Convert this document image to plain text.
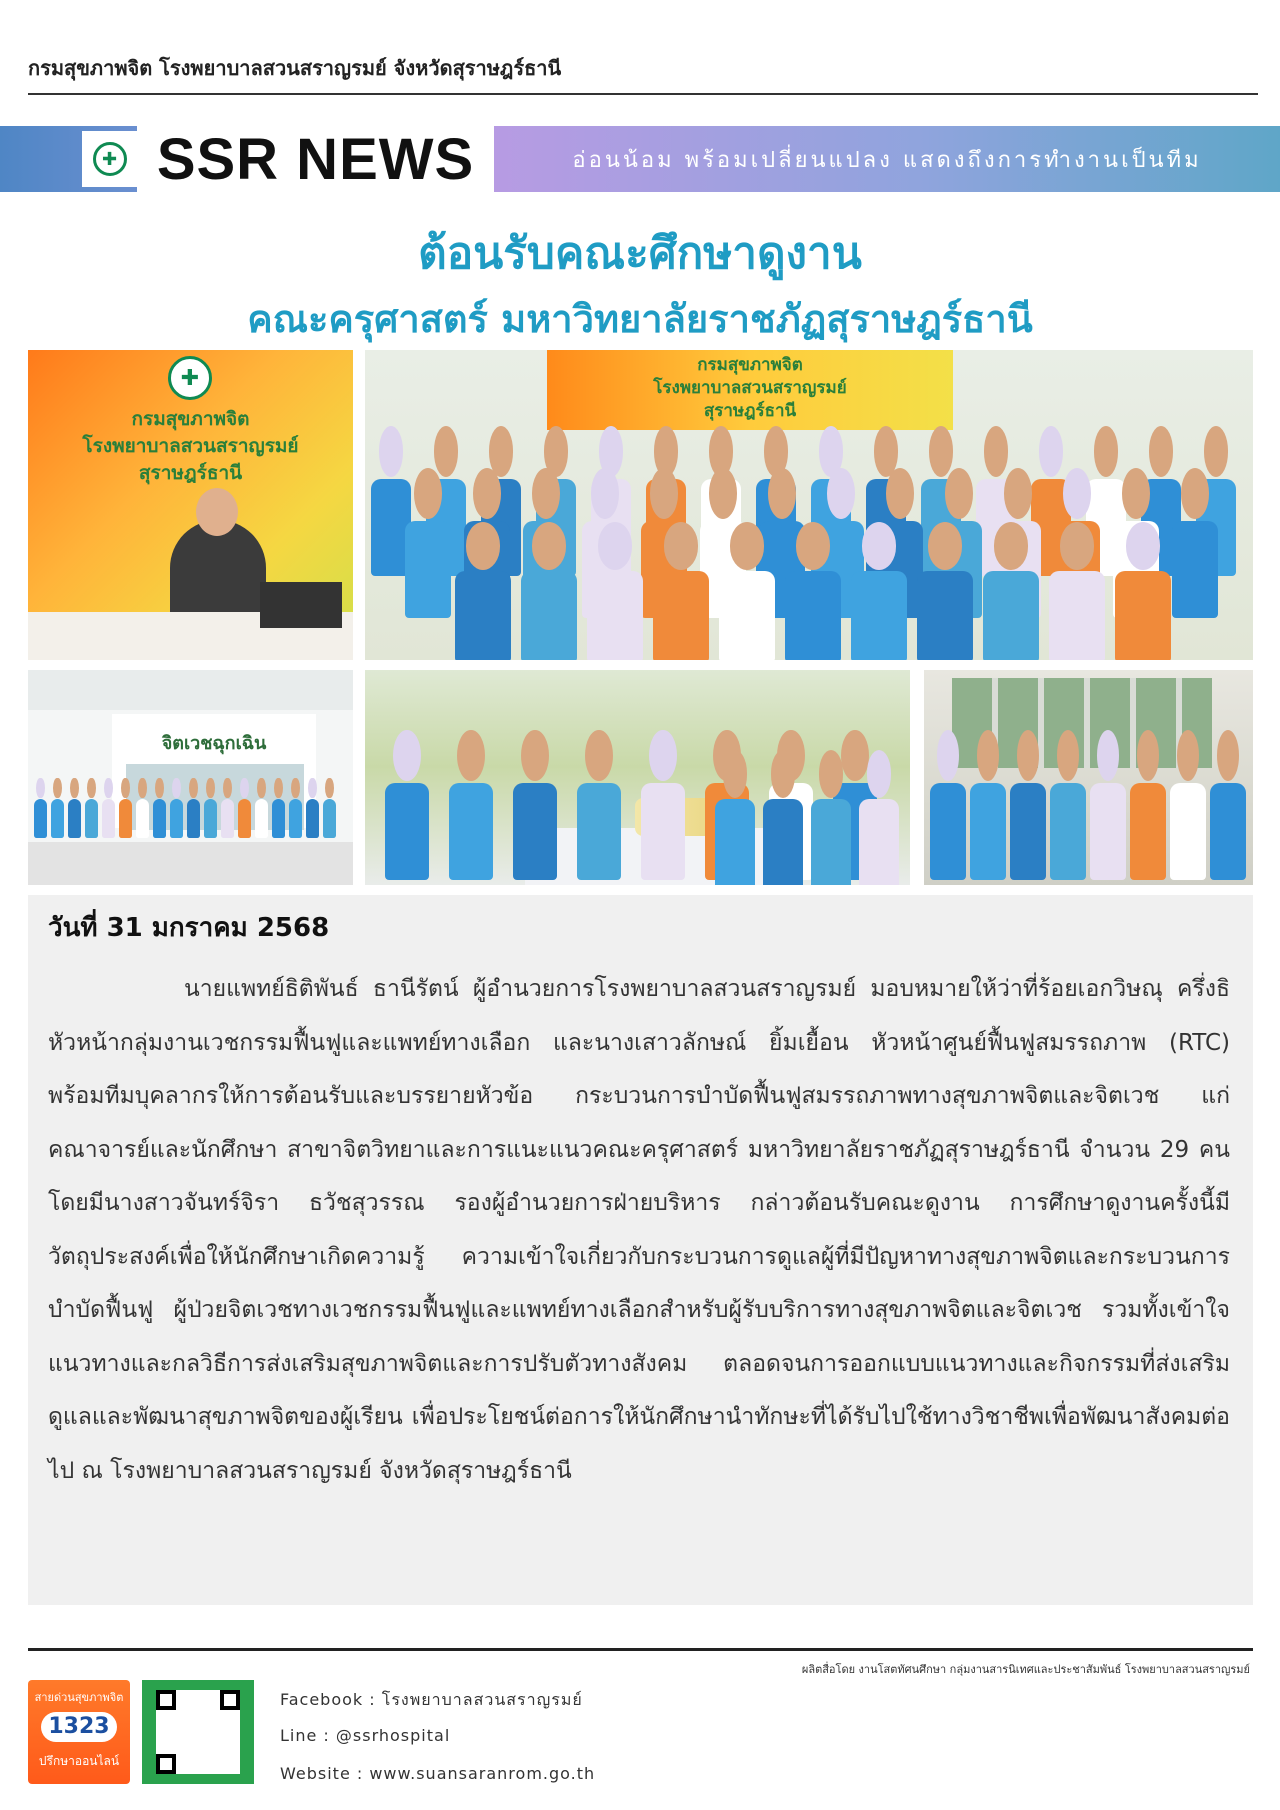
กรมสุขภาพจิต โรงพยาบาลสวนสราญรมย์ จังหวัดสุราษฎร์ธานี
✚ SSR NEWS	อ่อนน้อม พร้อมเปลี่ยนแปลง แสดงถึงการทำงานเป็นทีม
ต้อนรับคณะศึกษาดูงาน
คณะครุศาสตร์ มหาวิทยาลัยราชภัฏสุราษฎร์ธานี
✚
กรมสุขภาพจิต
โรงพยาบาลสวนสราญรมย์
สุราษฎร์ธานี
กรมสุขภาพจิต
โรงพยาบาลสวนสราญรมย์
สุราษฎร์ธานี
จิตเวชฉุกเฉิน
วันที่ 31 มกราคม 2568
นายแพทย์ธิติพันธ์ ธานีรัตน์ ผู้อำนวยการโรงพยาบาลสวนสราญรมย์ มอบหมายให้ว่าที่ร้อยเอกวิษณุ ครึ่งธิ หัวหน้ากลุ่มงานเวชกรรมฟื้นฟูและแพทย์ทางเลือก และนางเสาวลักษณ์ ยิ้มเยื้อน หัวหน้าศูนย์ฟื้นฟูสมรรถภาพ (RTC) พร้อมทีมบุคลากรให้การต้อนรับและบรรยายหัวข้อ กระบวนการบำบัดฟื้นฟูสมรรถภาพทางสุขภาพจิตและจิตเวช แก่คณาจารย์และนักศึกษา สาขาจิตวิทยาและการแนะแนวคณะครุศาสตร์ มหาวิทยาลัยราชภัฏสุราษฎร์ธานี จำนวน 29 คน โดยมีนางสาวจันทร์จิรา ธวัชสุวรรณ รองผู้อำนวยการฝ่ายบริหาร กล่าวต้อนรับคณะดูงาน การศึกษาดูงานครั้งนี้มีวัตถุประสงค์เพื่อให้นักศึกษาเกิดความรู้ ความเข้าใจเกี่ยวกับกระบวนการดูแลผู้ที่มีปัญหาทางสุขภาพจิตและกระบวนการ บำบัดฟื้นฟู ผู้ป่วยจิตเวชทางเวชกรรมฟื้นฟูและแพทย์ทางเลือกสำหรับผู้รับบริการทางสุขภาพจิตและจิตเวช รวมทั้งเข้าใจแนวทางและกลวิธีการส่งเสริมสุขภาพจิตและการปรับตัวทางสังคม ตลอดจนการออกแบบแนวทางและกิจกรรมที่ส่งเสริมดูแลและพัฒนาสุขภาพจิตของผู้เรียน เพื่อประโยชน์ต่อการให้นักศึกษานำทักษะที่ได้รับไปใช้ทางวิชาชีพเพื่อพัฒนาสังคมต่อไป ณ โรงพยาบาลสวนสราญรมย์ จังหวัดสุราษฎร์ธานี
ผลิตสื่อโดย งานโสตทัศนศึกษา กลุ่มงานสารนิเทศและประชาสัมพันธ์ โรงพยาบาลสวนสราญรมย์
สายด่วนสุขภาพจิต
1323
ปรึกษาออนไลน์
Facebook : โรงพยาบาลสวนสราญรมย์
Line : @ssrhospital
Website : www.suansaranrom.go.th
